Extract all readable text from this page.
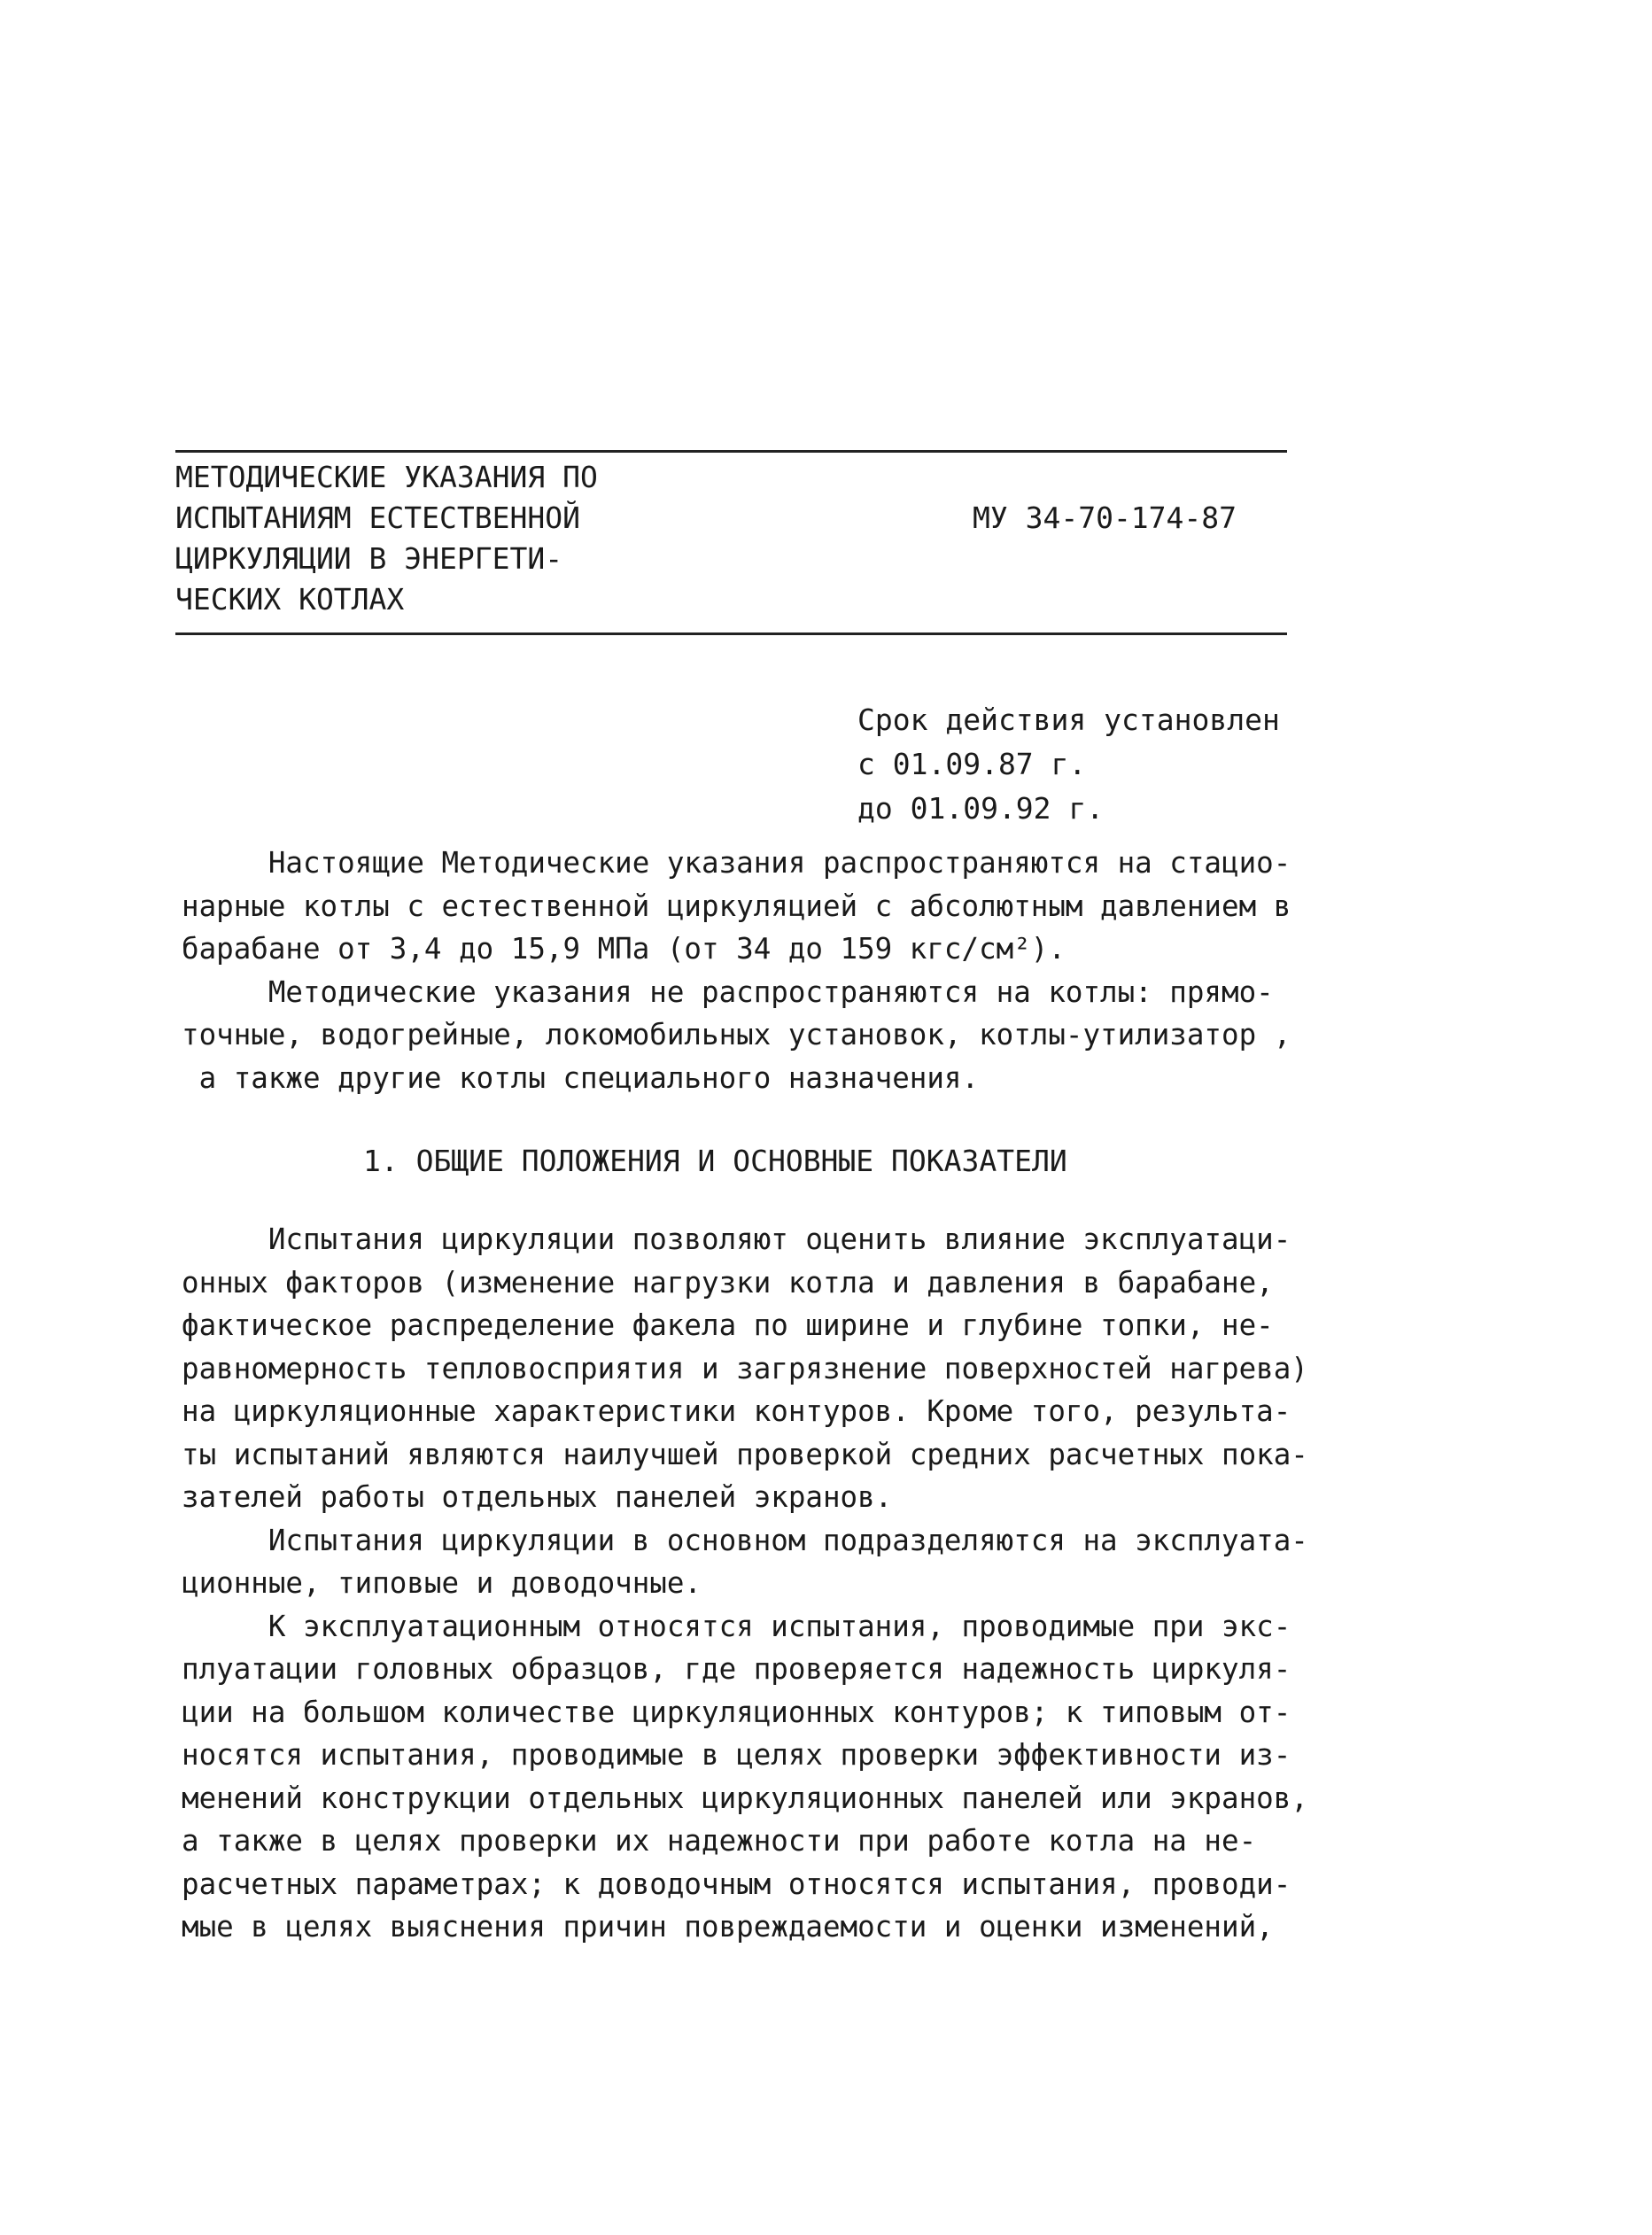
МЕТОДИЧЕСКИЕ УКАЗАНИЯ ПО
ИСПЫТАНИЯМ ЕСТЕСТВЕННОЙ
ЦИРКУЛЯЦИИ В ЭНЕРГЕТИ-
ЧЕСКИХ КОТЛАХ
МУ 34-70-174-87
Срок действия установлен
с 01.09.87 г.
до 01.09.92 г.
Настоящие Методические указания распространяются на стацио-
нарные котлы с естественной циркуляцией с абсолютным давлением в
барабане от 3,4 до 15,9 МПа (от 34 до 159 кгс/см²).
Методические указания не распространяются на котлы: прямо-
точные, водогрейные, локомобильных установок, котлы-утилизатор ,
а также другие котлы специального назначения.
1. ОБЩИЕ ПОЛОЖЕНИЯ И ОСНОВНЫЕ ПОКАЗАТЕЛИ
Испытания циркуляции позволяют оценить влияние эксплуатаци-
онных факторов (изменение нагрузки котла и давления в барабане,
фактическое распределение факела по ширине и глубине топки, не-
равномерность тепловосприятия и загрязнение поверхностей нагрева)
на циркуляционные характеристики контуров. Кроме того, результа-
ты испытаний являются наилучшей проверкой средних расчетных пока-
зателей работы отдельных панелей экранов.
Испытания циркуляции в основном подразделяются на эксплуата-
ционные, типовые и доводочные.
К эксплуатационным относятся испытания, проводимые при экс-
плуатации головных образцов, где проверяется надежность циркуля-
ции на большом количестве циркуляционных контуров; к типовым от-
носятся испытания, проводимые в целях проверки эффективности из-
менений конструкции отдельных циркуляционных панелей или экранов,
а также в целях проверки их надежности при работе котла на не-
расчетных параметрах; к доводочным относятся испытания, проводи-
мые в целях выяснения причин повреждаемости и оценки изменений,
